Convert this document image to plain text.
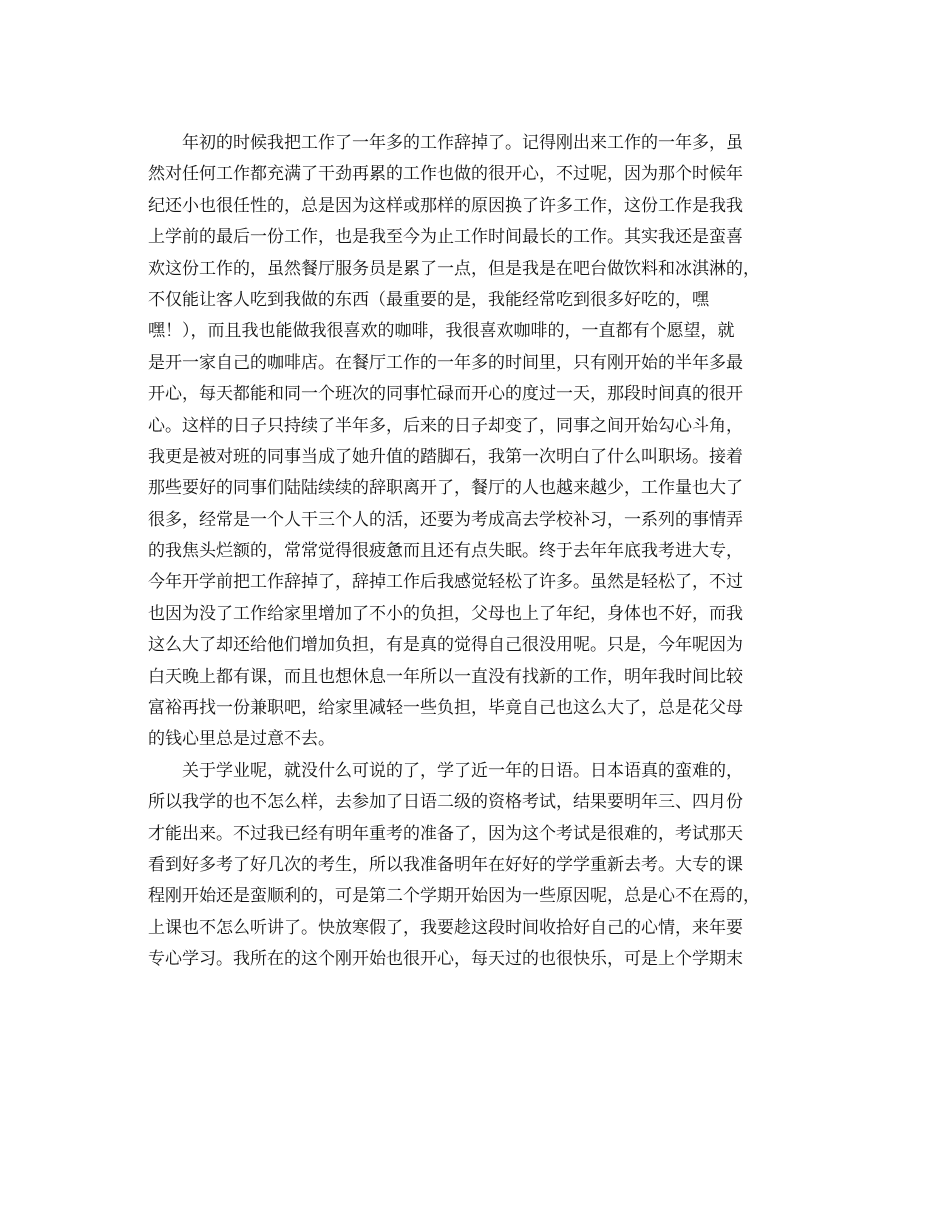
年初的时候我把工作了一年多的工作辞掉了。记得刚出来工作的一年多，虽
然对任何工作都充满了干劲再累的工作也做的很开心，不过呢，因为那个时候年
纪还小也很任性的，总是因为这样或那样的原因换了许多工作，这份工作是我我
上学前的最后一份工作，也是我至今为止工作时间最长的工作。其实我还是蛮喜
欢这份工作的，虽然餐厅服务员是累了一点，但是我是在吧台做饮料和冰淇淋的，
不仅能让客人吃到我做的东西（最重要的是，我能经常吃到很多好吃的，嘿
嘿！），而且我也能做我很喜欢的咖啡，我很喜欢咖啡的，一直都有个愿望，就
是开一家自己的咖啡店。在餐厅工作的一年多的时间里，只有刚开始的半年多最
开心，每天都能和同一个班次的同事忙碌而开心的度过一天，那段时间真的很开
心。这样的日子只持续了半年多，后来的日子却变了，同事之间开始勾心斗角，
我更是被对班的同事当成了她升值的踏脚石，我第一次明白了什么叫职场。接着
那些要好的同事们陆陆续续的辞职离开了，餐厅的人也越来越少，工作量也大了
很多，经常是一个人干三个人的活，还要为考成高去学校补习，一系列的事情弄
的我焦头烂额的，常常觉得很疲惫而且还有点失眠。终于去年年底我考进大专，
今年开学前把工作辞掉了，辞掉工作后我感觉轻松了许多。虽然是轻松了，不过
也因为没了工作给家里增加了不小的负担，父母也上了年纪，身体也不好，而我
这么大了却还给他们增加负担，有是真的觉得自己很没用呢。只是，今年呢因为
白天晚上都有课，而且也想休息一年所以一直没有找新的工作，明年我时间比较
富裕再找一份兼职吧，给家里减轻一些负担，毕竟自己也这么大了，总是花父母
的钱心里总是过意不去。
关于学业呢，就没什么可说的了，学了近一年的日语。日本语真的蛮难的，
所以我学的也不怎么样，去参加了日语二级的资格考试，结果要明年三、四月份
才能出来。不过我已经有明年重考的准备了，因为这个考试是很难的，考试那天
看到好多考了好几次的考生，所以我准备明年在好好的学学重新去考。大专的课
程刚开始还是蛮顺利的，可是第二个学期开始因为一些原因呢，总是心不在焉的，
上课也不怎么听讲了。快放寒假了，我要趁这段时间收拾好自己的心情，来年要
专心学习。我所在的这个刚开始也很开心，每天过的也很快乐，可是上个学期末
